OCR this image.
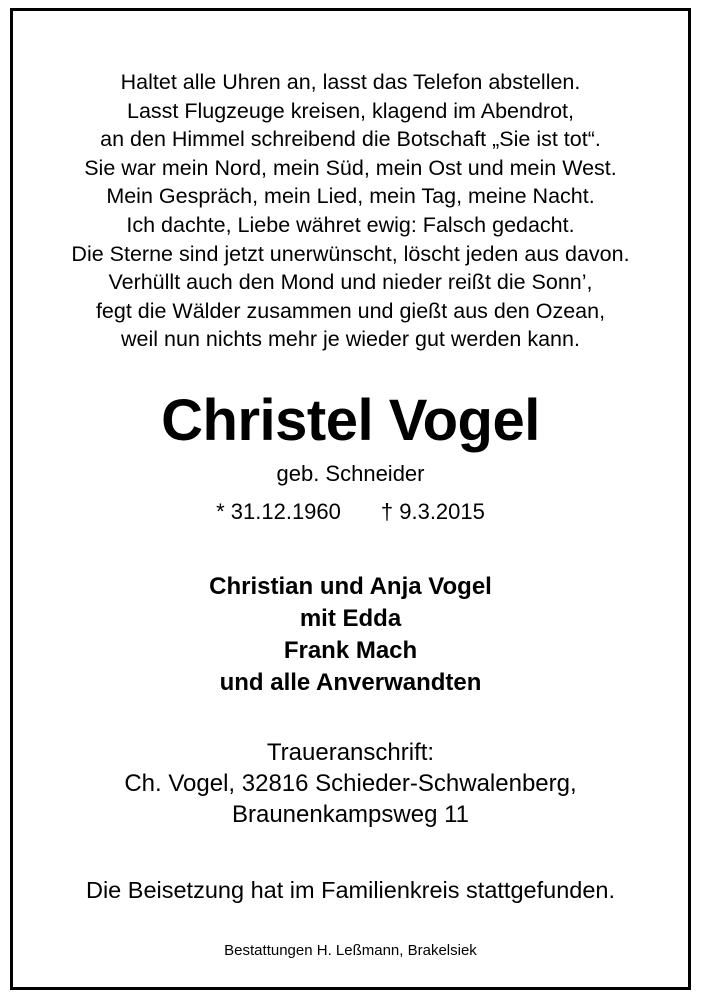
Haltet alle Uhren an, lasst das Telefon abstellen.
Lasst Flugzeuge kreisen, klagend im Abendrot,
an den Himmel schreibend die Botschaft „Sie ist tot“.
Sie war mein Nord, mein Süd, mein Ost und mein West.
Mein Gespräch, mein Lied, mein Tag, meine Nacht.
Ich dachte, Liebe währet ewig: Falsch gedacht.
Die Sterne sind jetzt unerwünscht, löscht jeden aus davon.
Verhüllt auch den Mond und nieder reißt die Sonn’,
fegt die Wälder zusammen und gießt aus den Ozean,
weil nun nichts mehr je wieder gut werden kann.
Christel Vogel
geb. Schneider
* 31.12.1960 † 9.3.2015
Christian und Anja Vogel
mit Edda
Frank Mach
und alle Anverwandten
Traueranschrift:
Ch. Vogel, 32816 Schieder-Schwalenberg,
Braunenkampsweg 11
Die Beisetzung hat im Familienkreis stattgefunden.
Bestattungen H. Leßmann, Brakelsiek
